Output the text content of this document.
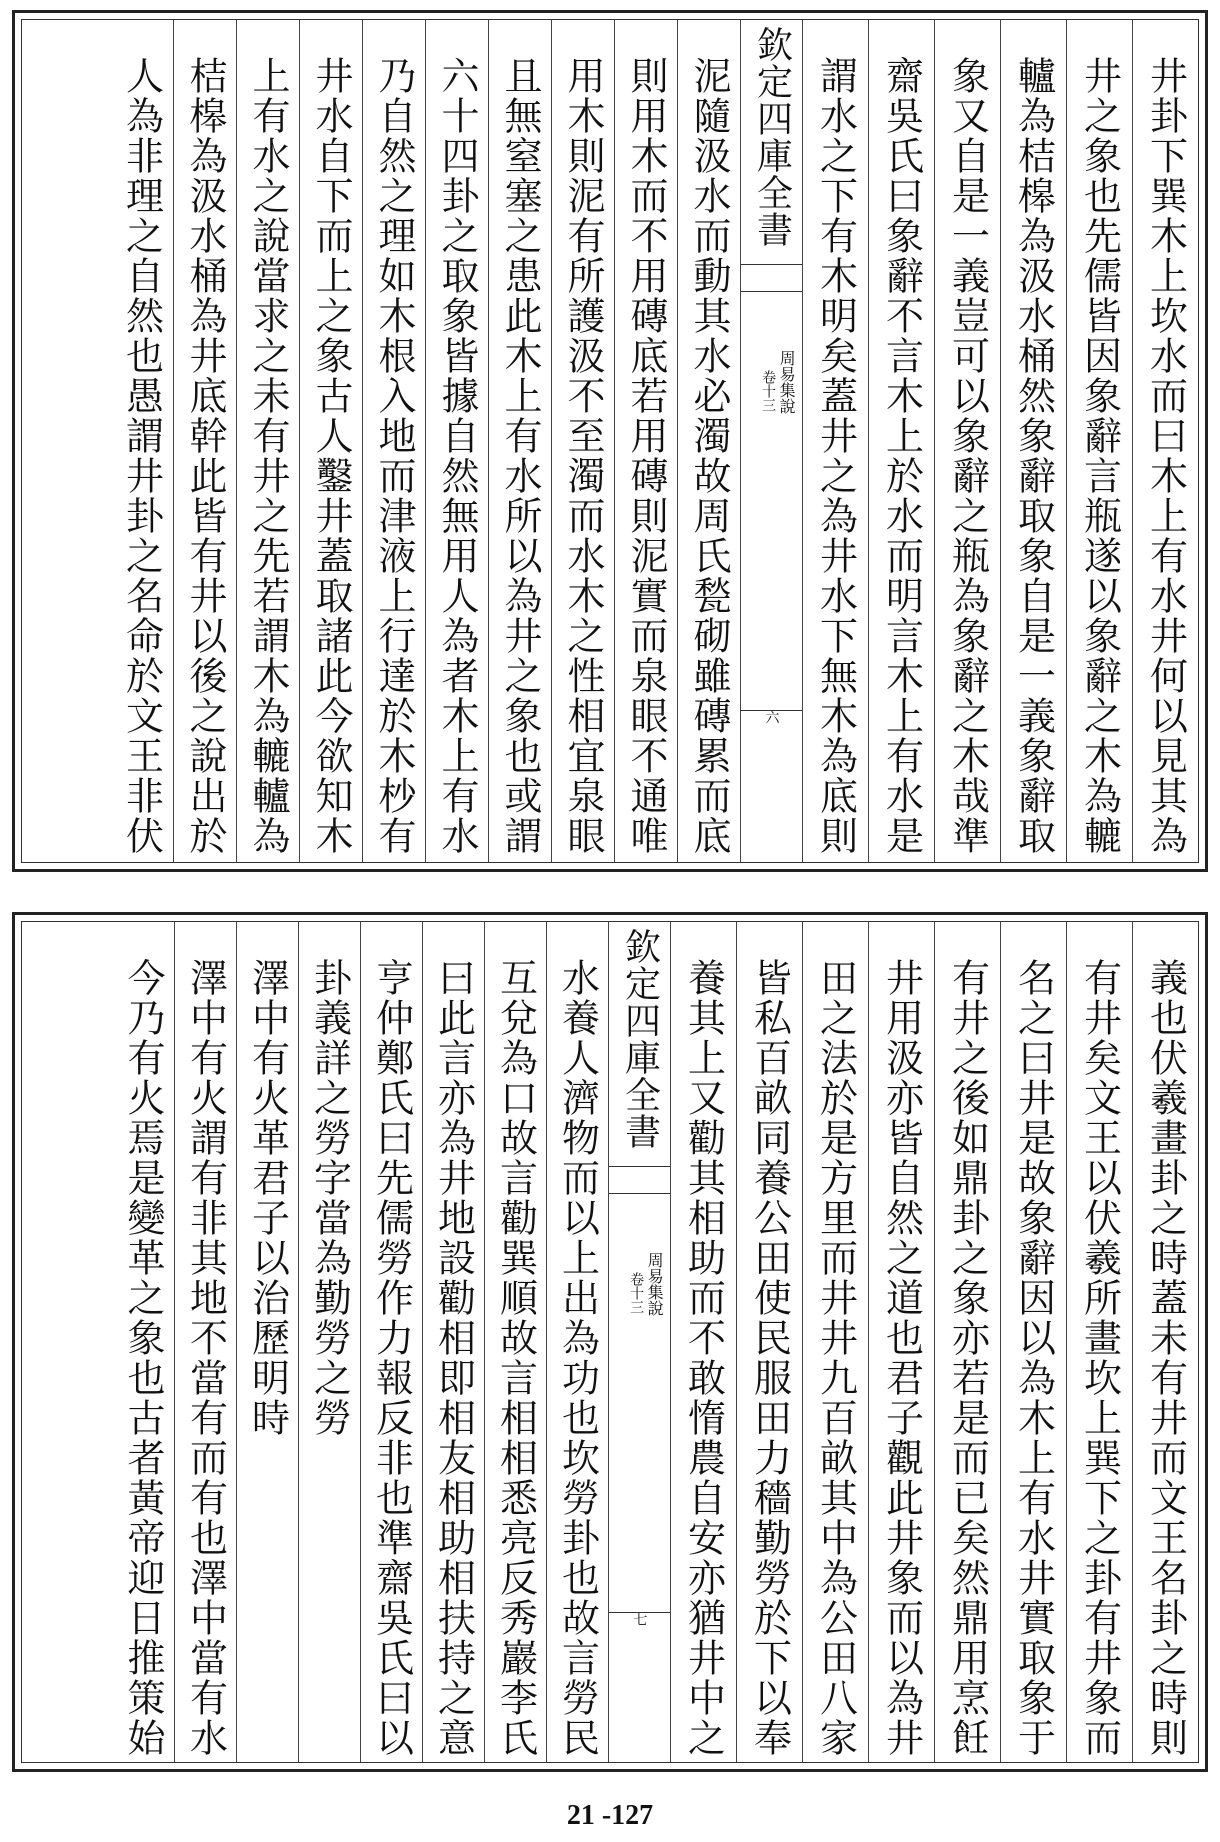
井卦下巽木上坎水而曰木上有水井何以見其為
井之象也先儒皆因象辭言瓶遂以象辭之木為轆
轤為桔槔為汲水桶然象辭取象自是一義象辭取
象又自是一義豈可以象辭之瓶為象辭之木哉準
齋吳氏曰象辭不言木上於水而明言木上有水是
謂水之下有木明矣蓋井之為井水下無木為底則
欽定四庫全書
周易集說
卷十三
六
泥隨汲水而動其水必濁故周氏甃砌雖磚累而底
則用木而不用磚底若用磚則泥實而泉眼不通唯
用木則泥有所護汲不至濁而水木之性相宜泉眼
且無窒塞之患此木上有水所以為井之象也或謂
六十四卦之取象皆據自然無用人為者木上有水
乃自然之理如木根入地而津液上行達於木杪有
井水自下而上之象古人鑿井蓋取諸此今欲知木
上有水之說當求之未有井之先若謂木為轆轤為
桔槔為汲水桶為井底幹此皆有井以後之說出於
人為非理之自然也愚謂井卦之名命於文王非伏
義也伏羲畫卦之時蓋未有井而文王名卦之時則
有井矣文王以伏羲所畫坎上巽下之卦有井象而
名之曰井是故象辭因以為木上有水井實取象于
有井之後如鼎卦之象亦若是而已矣然鼎用烹飪
井用汲亦皆自然之道也君子觀此井象而以為井
田之法於是方里而井井九百畝其中為公田八家
皆私百畝同養公田使民服田力穡勤勞於下以奉
養其上又勸其相助而不敢惰農自安亦猶井中之
欽定四庫全書
周易集說
卷十三
七
水養人濟物而以上出為功也坎勞卦也故言勞民
互兌為口故言勸巽順故言相相悉亮反秀巖李氏
曰此言亦為井地設勸相即相友相助相扶持之意
亨仲鄭氏曰先儒勞作力報反非也準齋吳氏曰以
卦義詳之勞字當為勤勞之勞
澤中有火革君子以治歷明時
澤中有火謂有非其地不當有而有也澤中當有水
今乃有火焉是變革之象也古者黃帝迎日推策始
21 -127
